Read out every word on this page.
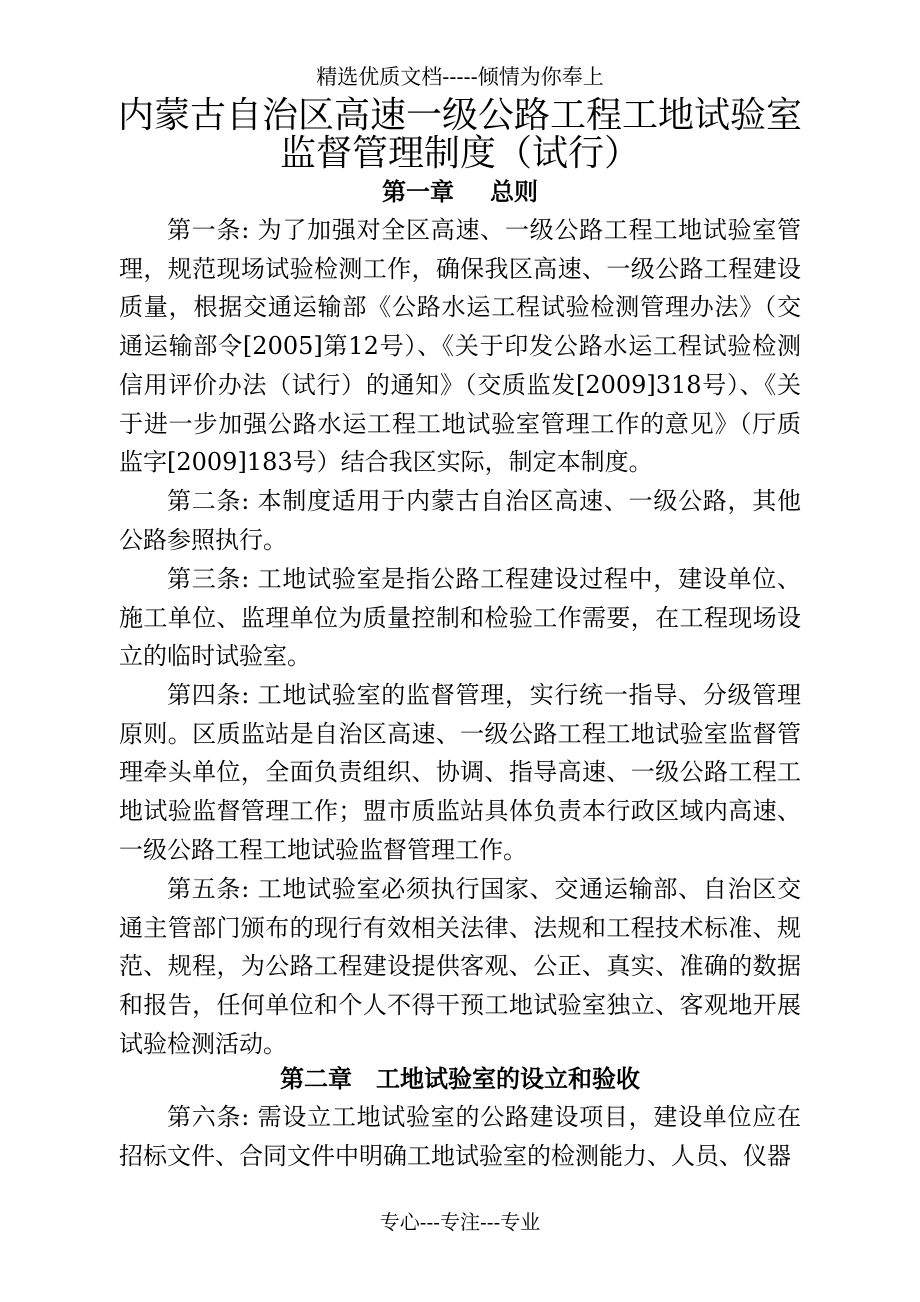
精选优质文档-----倾情为你奉上
内蒙古自治区高速一级公路工程工地试验室
监督管理制度（试行）
第一章 总则

第一条: 为了加强对全区高速、一级公路工程工地试验室管理，规范现场试验检测工作，确保我区高速、一级公路工程建设质量，根据交通运输部《公路水运工程试验检测管理办法》（交通运输部令[2005]第12号）、《关于印发公路水运工程试验检测信用评价办法（试行）的通知》（交质监发[2009]318号）、《关于进一步加强公路水运工程工地试验室管理工作的意见》（厅质监字[2009]183号）结合我区实际，制定本制度。

第二条: 本制度适用于内蒙古自治区高速、一级公路，其他公路参照执行。

第三条: 工地试验室是指公路工程建设过程中，建设单位、施工单位、监理单位为质量控制和检验工作需要，在工程现场设立的临时试验室。

第四条: 工地试验室的监督管理，实行统一指导、分级管理原则。区质监站是自治区高速、一级公路工程工地试验室监督管理牵头单位，全面负责组织、协调、指导高速、一级公路工程工地试验监督管理工作；盟市质监站具体负责本行政区域内高速、一级公路工程工地试验监督管理工作。

第五条: 工地试验室必须执行国家、交通运输部、自治区交通主管部门颁布的现行有效相关法律、法规和工程技术标准、规范、规程，为公路工程建设提供客观、公正、真实、准确的数据和报告，任何单位和个人不得干预工地试验室独立、客观地开展试验检测活动。

第二章 工地试验室的设立和验收

第六条: 需设立工地试验室的公路建设项目，建设单位应在招标文件、合同文件中明确工地试验室的检测能力、人员、仪器

专心---专注---专业
